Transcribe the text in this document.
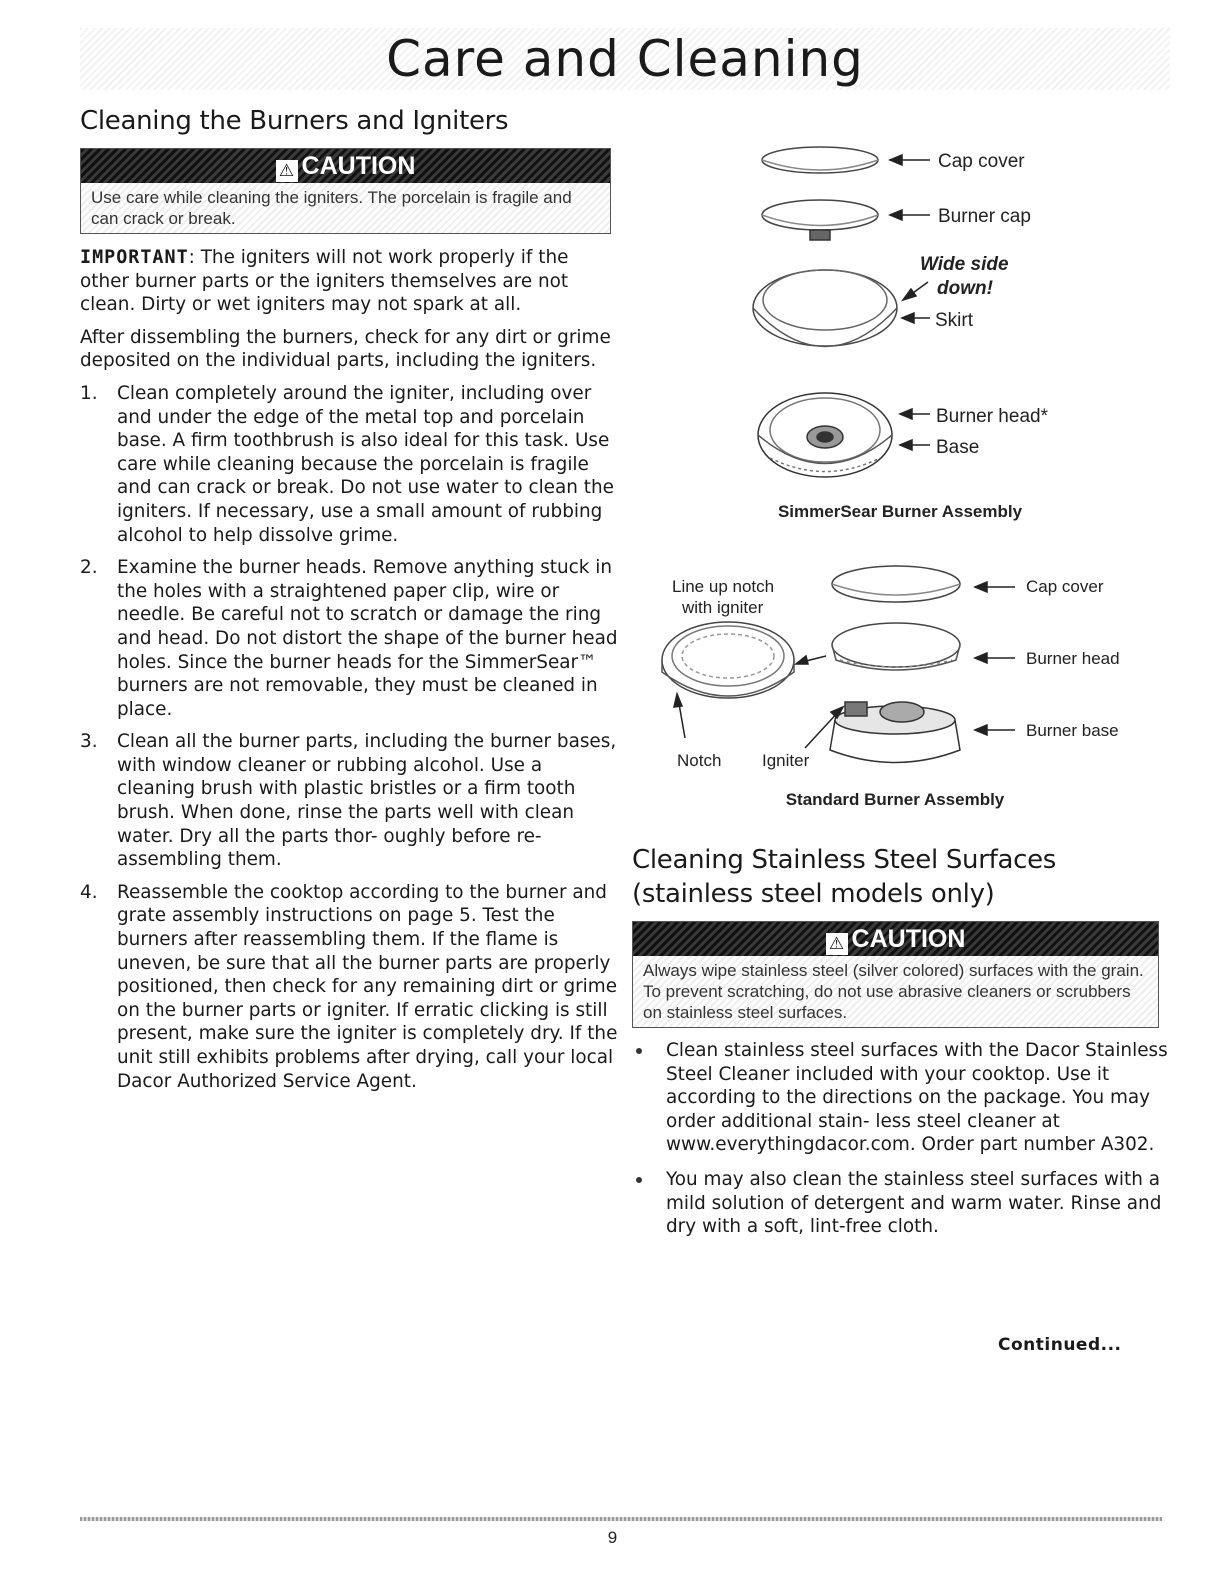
Care and Cleaning
Cleaning the Burners and Igniters
⚠ CAUTION
Use care while cleaning the igniters. The porcelain is fragile and can crack or break.

IMPORTANT: The igniters will not work properly if the other burner parts or the igniters themselves are not clean. Dirty or wet igniters may not spark at all.

After dissembling the burners, check for any dirt or grime deposited on the individual parts, including the igniters.

1. Clean completely around the igniter, including over and under the edge of the metal top and porcelain base. A firm toothbrush is also ideal for this task. Use care while cleaning because the porcelain is fragile and can crack or break. Do not use water to clean the igniters. If necessary, use a small amount of rubbing alcohol to help dissolve grime.
2. Examine the burner heads. Remove anything stuck in the holes with a straightened paper clip, wire or needle. Be careful not to scratch or damage the ring and head. Do not distort the shape of the burner head holes. Since the burner heads for the SimmerSear™ burners are not removable, they must be cleaned in place.
3. Clean all the burner parts, including the burner bases, with window cleaner or rubbing alcohol. Use a cleaning brush with plastic bristles or a firm tooth brush. When done, rinse the parts well with clean water. Dry all the parts thor- oughly before re-assembling them.
4. Reassemble the cooktop according to the burner and grate assembly instructions on page 5. Test the burners after reassembling them. If the flame is uneven, be sure that all the burner parts are properly positioned, then check for any remaining dirt or grime on the burner parts or igniter. If erratic clicking is still present, make sure the igniter is completely dry. If the unit still exhibits problems after drying, call your local Dacor Authorized Service Agent.
Cap cover
Burner cap
Wide side
down!
Skirt
Burner head*
Base
SimmerSear Burner Assembly
Line up notch
with igniter
Cap cover
Burner head
Burner base
Notch Igniter
Standard Burner Assembly
Cleaning Stainless Steel Surfaces
(stainless steel models only)
⚠ CAUTION
Always wipe stainless steel (silver colored) surfaces with the grain. To prevent scratching, do not use abrasive cleaners or scrubbers on stainless steel surfaces.
Clean stainless steel surfaces with the Dacor Stainless Steel Cleaner included with your cooktop. Use it according to the directions on the package. You may order additional stain- less steel cleaner at www.everythingdacor.com. Order part number A302.
You may also clean the stainless steel surfaces with a mild solution of detergent and warm water. Rinse and dry with a soft, lint-free cloth.
Continued...
9
